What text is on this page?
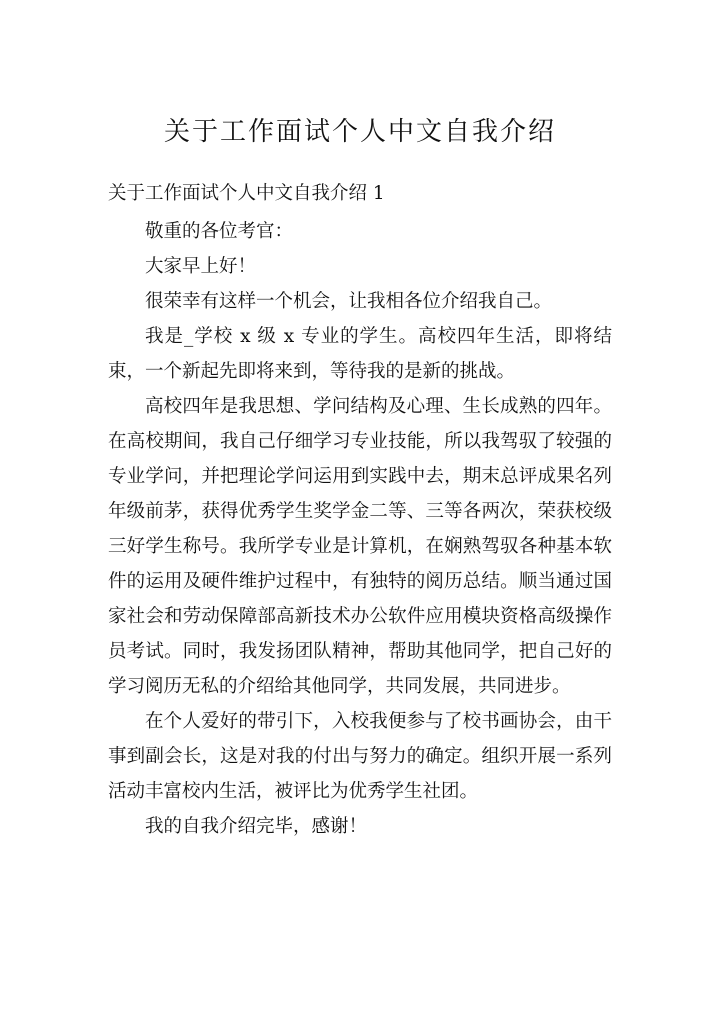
关于工作面试个人中文自我介绍

关于工作面试个人中文自我介绍 1

敬重的各位考官：

大家早上好！

很荣幸有这样一个机会，让我相各位介绍我自己。

我是_学校 x 级 x 专业的学生。高校四年生活，即将结束，一个新起先即将来到，等待我的是新的挑战。

高校四年是我思想、学问结构及心理、生长成熟的四年。在高校期间，我自己仔细学习专业技能，所以我驾驭了较强的专业学问，并把理论学问运用到实践中去，期末总评成果名列年级前茅，获得优秀学生奖学金二等、三等各两次，荣获校级三好学生称号。我所学专业是计算机，在娴熟驾驭各种基本软件的运用及硬件维护过程中，有独特的阅历总结。顺当通过国家社会和劳动保障部高新技术办公软件应用模块资格高级操作员考试。同时，我发扬团队精神，帮助其他同学，把自己好的学习阅历无私的介绍给其他同学，共同发展，共同进步。

在个人爱好的带引下，入校我便参与了校书画协会，由干事到副会长，这是对我的付出与努力的确定。组织开展一系列活动丰富校内生活，被评比为优秀学生社团。

我的自我介绍完毕，感谢！
